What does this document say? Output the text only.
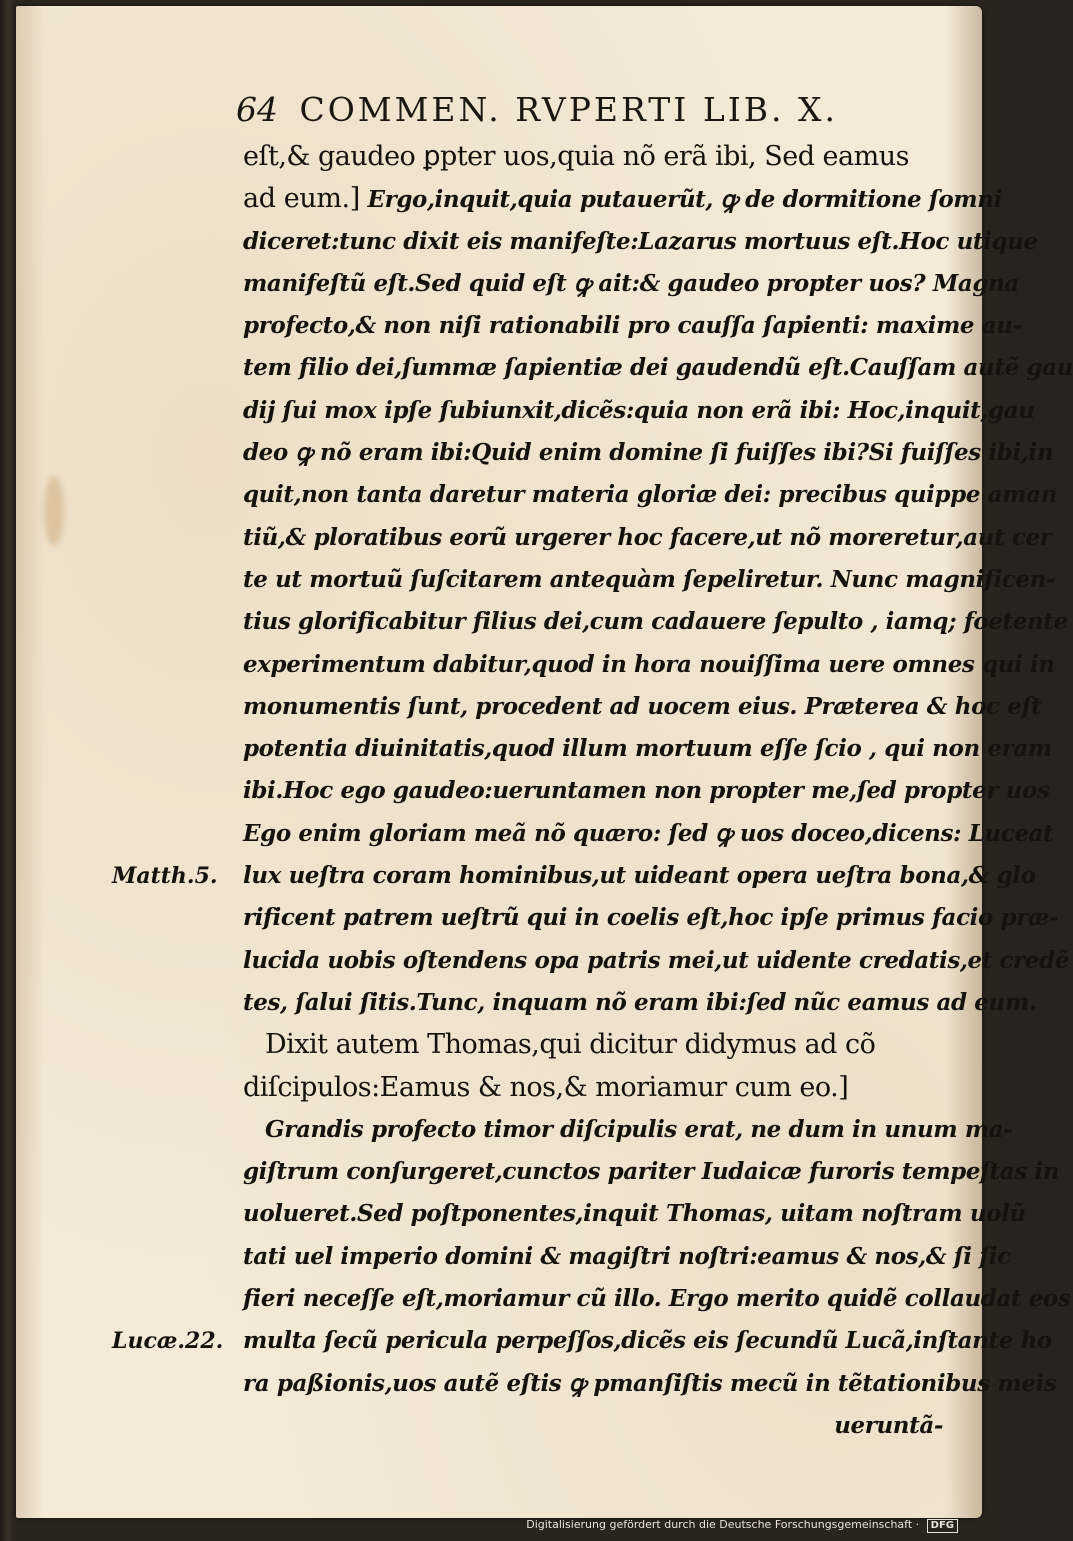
64 COMMEN. RVPERTI LIB. X.
eſt,& gaudeo ꝑpter uos,quia nõ erã ibi, Sed eamus
ad eum.] Ergo,inquit,quia putauerũt, ꝙ de dormitione ſomni
diceret:tunc dixit eis manifeſte:Lazarus mortuus eſt.Hoc utique
manifeſtũ eſt.Sed quid eſt ꝙ ait:& gaudeo propter uos? Magna
profecto,& non niſi rationabili pro cauſſa ſapienti: maxime au-
tem filio dei,ſummæ ſapientiæ dei gaudendũ eſt.Cauſſam autẽ gau
dij ſui mox ipſe ſubiunxit,dicẽs:quia non erã ibi: Hoc,inquit,gau
deo ꝙ nõ eram ibi:Quid enim domine ſi fuiſſes ibi?Si fuiſſes ibi,in
quit,non tanta daretur materia gloriæ dei: precibus quippe aman
tiũ,& ploratibus eorũ urgerer hoc facere,ut nõ moreretur,aut cer
te ut mortuũ ſuſcitarem antequàm ſepeliretur. Nunc magnificen-
tius glorificabitur filius dei,cum cadauere ſepulto , iamq; foetente
experimentum dabitur,quod in hora nouiſſima uere omnes qui in
monumentis ſunt, procedent ad uocem eius. Præterea & hoc eſt
potentia diuinitatis,quod illum mortuum eſſe ſcio , qui non eram
ibi.Hoc ego gaudeo:ueruntamen non propter me,ſed propter uos
Ego enim gloriam meã nõ quæro: ſed ꝙ uos doceo,dicens: Luceat
lux ueſtra coram hominibus,ut uideant opera ueſtra bona,& glo
rificent patrem ueſtrũ qui in coelis eſt,hoc ipſe primus facio præ-
lucida uobis oſtendens opa patris mei,ut uidente credatis,et credẽ
tes, ſalui ſitis.Tunc, inquam nõ eram ibi:ſed nũc eamus ad eum.
Dixit autem Thomas,qui dicitur didymus ad cõ
diſcipulos:Eamus & nos,& moriamur cum eo.]
Grandis profecto timor diſcipulis erat, ne dum in unum ma-
giſtrum conſurgeret,cunctos pariter Iudaicæ furoris tempeſtas in
uolueret.Sed poſtponentes,inquit Thomas, uitam noſtram uolũ
tati uel imperio domini & magiſtri noſtri:eamus & nos,& ſi ſic
fieri neceſſe eſt,moriamur cũ illo. Ergo merito quidẽ collaudat eos
multa ſecũ pericula perpeſſos,dicẽs eis ſecundũ Lucã,inſtante ho
ra paßionis,uos autẽ eſtis ꝙ pmanſiſtis mecũ in tẽtationibus meis
ueruntã-
Matth.5.
Lucæ.22.
Digitalisierung gefördert durch die Deutsche Forschungsgemeinschaft · DFG
